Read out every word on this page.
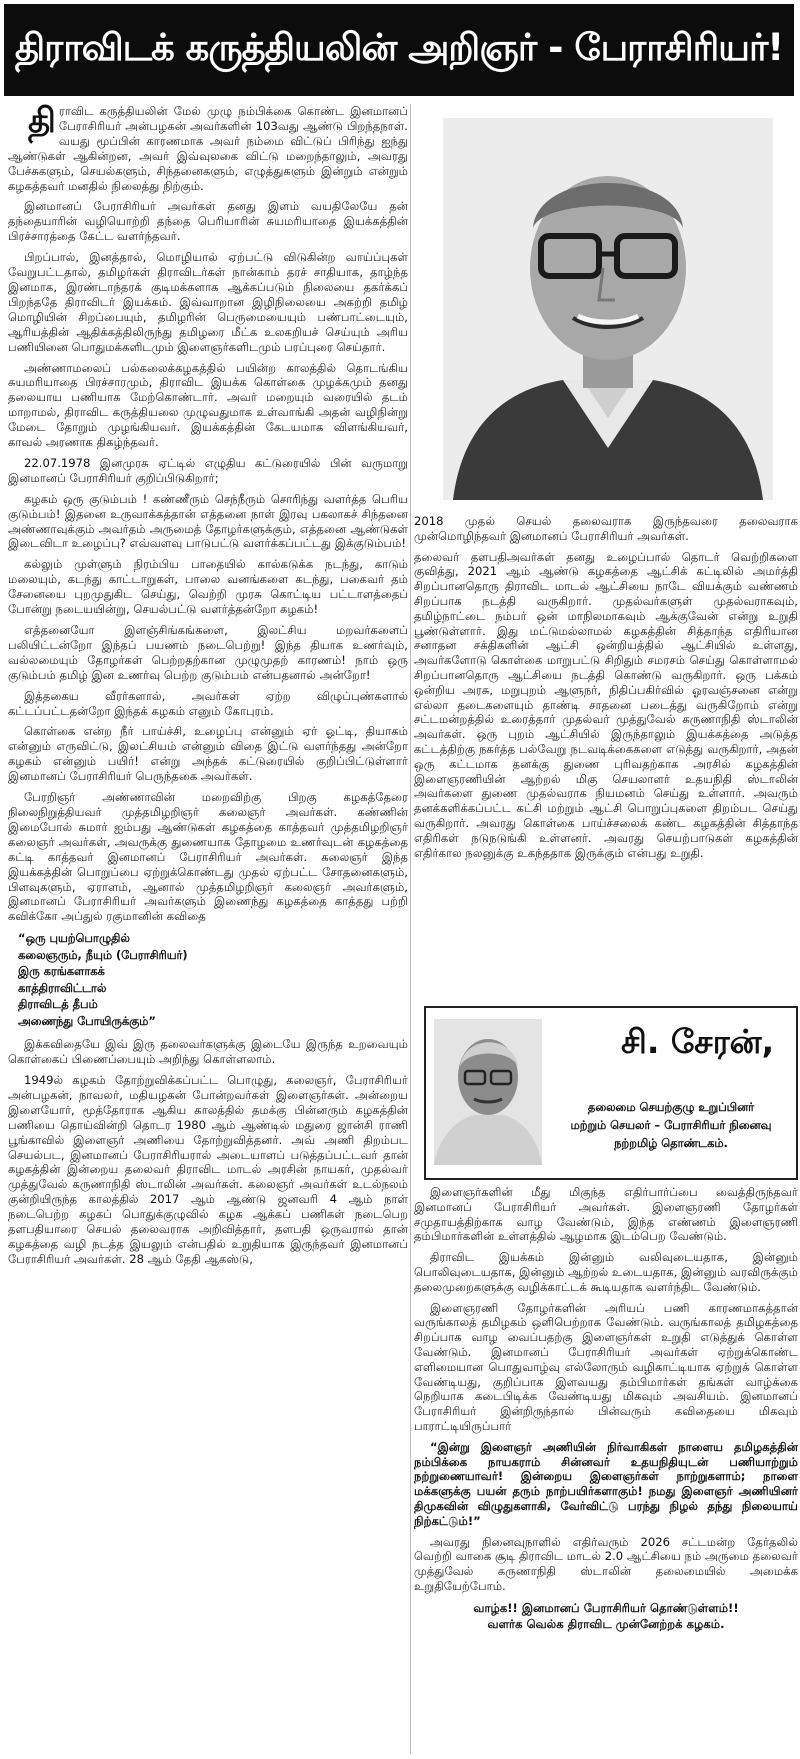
திராவிடக் கருத்தியலின் அறிஞர் - பேராசிரியர்!

திராவிட கருத்தியலின் மேல் முழு நம்பிக்கை கொண்ட இனமானப் பேராசிரியர் அன்பழகன் அவர்களின் 103வது ஆண்டு பிறந்தநாள். வயது மூப்பின் காரணமாக அவர் நம்மை விட்டுப் பிரிந்து ஐந்து ஆண்டுகள் ஆகின்றன, அவர் இவ்வுலகை விட்டு மறைந்தாலும், அவரது பேச்சுகளும், செயல்களும், சிந்தனைகளும், எழுத்துகளும் இன்றும் என்றும் கழகத்தவர் மனதில் நிலைத்து நிற்கும்.

இனமானப் பேராசிரியர் அவர்கள் தனது இளம் வயதிலேயே தன் தந்தையாரின் வழியொற்றி தந்தை பெரியாரின் சுயமரியாதை இயக்கத்தின் பிரச்சாரத்தை கேட்ட வளர்ந்தவர்.

பிறப்பால், இனத்தால், மொழியால் ஏற்பட்டு விடுகின்ற வாய்ப்புகள் வேறுபட்டதால், தமிழர்கள் திராவிடர்கள் நான்காம் தரச் சாதியாக, தாழ்ந்த இனமாக, இரண்டாந்தரக் குடிமக்களாக ஆக்கப்படும் நிலையை தகர்க்கப் பிறந்ததே திராவிடர் இயக்கம். இவ்வாறான இழிநிலையை அகற்றி தமிழ் மொழியின் சிறப்பையும், தமிழரின் பெருமையையும் பண்பாட்டையும், ஆரியத்தின் ஆதிக்கத்திலிருந்து தமிழரை மீட்க உலகறியச் செய்யும் அரிய பணியினை பொதுமக்களிடமும் இளைஞர்களிடமும் பரப்புரை செய்தார்.

அண்ணாமலைப் பல்கலைக்கழகத்தில் பயின்ற காலத்தில் தொடங்கிய சுயமரியாதை பிரச்சாரமும், திராவிட இயக்க கொள்கை முழக்கமும் தனது தலையாய பணியாக மேற்கொண்டார். அவர் மறையும் வரையில் தடம் மாறாமல், திராவிட கருத்தியலை முழுவதுமாக உள்வாங்கி அதன் வழிநின்று மேடை தோறும் முழங்கியவர். இயக்கத்தின் கேடயமாக விளங்கியவர், காவல் அரணாக திகழ்ந்தவர்.

22.07.1978 இனமுரசு ஏட்டில் எழுதிய கட்டுரையில் பின் வருமாறு இனமானப் பேராசிரியர் குறிப்பிடுகிறார்;

கழகம் ஒரு குடும்பம் ! கண்ணீரும் செந்நீரும் சொரிந்து வளர்த்த பெரிய குடும்பம்! இதனை உருவாக்கத்தான் எத்தனை நாள் இரவு பகலாகச் சிந்தனை அண்ணாவுக்கும் அவர்தம் அருமைத் தோழர்களுக்கும், எத்தனை ஆண்டுகள் இடைவிடா உழைப்பு? எவ்வளவு பாடுபட்டு வளர்க்கப்பட்டது இக்குடும்பம்!

கல்லும் முள்ளும் நிரம்பிய பாதையில் கால்கடுக்க நடந்து, காடும் மலையும், கடந்து காட்டாறுகள், பாலை வனங்களை கடந்து, பகைவர் தம் சேனையை புறமுதுகிட செய்து, வெற்றி முரசு கொட்டிய பட்டாளத்தைப் போன்று நடையயின்று, செயல்பட்டு வளர்த்தன்றோ கழகம்!

எத்தனையோ இளஞ்சிங்கங்களை, இலட்சிய மறவர்களைப் பலியிட்டன்றோ இந்தப் பயணம் நடைபெற்று! இந்த தியாக உணர்வும், வல்லமையும் தோழர்கள் பெற்றதற்கான முழுமுதற் காரணம்! நாம் ஒரு குடும்பம் தமிழ் இன உணர்வு பெற்ற குடும்பம் என்பதனால் அன்றோ!

இத்தகைய வீரர்களால், அவர்கள் ஏற்ற விழுப்புண்களால் கட்டப்பட்டதன்றோ இந்தக் கழகம் எனும் கோபுரம்.

கொள்கை என்ற நீர் பாய்ச்சி, உழைப்பு என்னும் ஏர் ஓட்டி, தியாகம் என்னும் எருவிட்டு, இலட்சியம் என்னும் விதை இட்டு வளர்ந்தது அன்றோ கழகம் என்னும் பயிர்! என்று அந்தக் கட்டுரையில் குறிப்பிட்டுள்ளார் இனமானப் பேராசிரியர் பெருந்தகை அவர்கள்.

பேரறிஞர் அண்ணாவின் மறைவிற்கு பிறகு கழகத்தேரை நிலைநிறுத்தியவர் முத்தமிழறிஞர் கலைஞர் அவர்கள். கண்ணின் இமைபோல் சுமார் ஐம்பது ஆண்டுகள் கழகத்தை காத்தவர் முத்தமிழறிஞர் கலைஞர் அவர்கள், அவருக்கு துணையாக தோழமை உணர்வுடன் கழகத்தை கட்டி காத்தவர் இனமானப் பேராசிரியர் அவர்கள். கலைஞர் இந்த இயக்கத்தின் பொறுப்பை ஏற்றுக்கொண்டது முதல் ஏற்பட்ட சோதனைகளும், பிளவுகளும், ஏராளம், ஆனால் முத்தமிழறிஞர் கலைஞர் அவர்களும், இனமானப் பேராசிரியர் அவர்களும் இணைந்து கழகத்தை காத்தது பற்றி கவிக்கோ அப்துல் ரகுமானின் கவிதை

“ஒரு புயற்பொழுதில்
கலைஞரும், நீயும் (பேராசிரியர்)
இரு கரங்களாகக்
காத்திராவிட்டால்
திராவிடத் தீபம்
அணைந்து போயிருக்கும்”

இக்கவிதையே இவ் இரு தலைவர்களுக்கு இடையே இருந்த உறவையும் கொள்கைப் பிணைப்பையும் அறிந்து கொள்ளலாம்.

1949ல் கழகம் தோற்றுவிக்கப்பட்ட பொழுது, கலைஞர், பேராசிரியர் அன்பழகன், நாவலர், மதியழகன் போன்றவர்கள் இளைஞர்கள். அன்றைய இளையோர், மூத்தோராக ஆகிய காலத்தில் தமக்கு பின்னரும் கழகத்தின் பணியை தொய்வின்றி தொடர 1980 ஆம் ஆண்டில் மதுரை ஜான்சி ராணி பூங்காவில் இளைஞர் அணியை தோற்றுவித்தனர். அவ் அணி திறம்பட செயல்பட, இனமானப் பேராசிரியரால் அடையாளப் படுத்தப்பட்டவர் தான் கழகத்தின் இன்றைய தலைவர் திராவிட மாடல் அரசின் நாயகர், முதல்வர் முத்துவேல் கருணாநிதி ஸ்டாலின் அவர்கள். கலைஞர் அவர்கள் உடல்நலம் குன்றியிருந்த காலத்தில் 2017 ஆம் ஆண்டு ஜனவரி 4 ஆம் நாள் நடைபெற்ற கழகப் பொதுக்குழுவில் கழக ஆக்கப் பணிகள் நடைபெற தளபதியாரை செயல் தலைவராக அறிவித்தார், தளபதி ஒருவரால் தான் கழகத்தை வழி நடத்த இயலும் என்பதில் உறுதியாக இருந்தவர் இனமானப் பேராசிரியர் அவர்கள். 28 ஆம் தேதி ஆகஸ்டு,

2018 முதல் செயல் தலைவராக இருந்தவரை தலைவராக முன்மொழிந்தவர் இனமானப் பேராசிரியர் அவர்கள்.

தலைவர் தளபதிஅவர்கள் தனது உழைப்பால் தொடர் வெற்றிகளை குவித்து, 2021 ஆம் ஆண்டு கழகத்தை ஆட்சிக் கட்டிலில் அமர்த்தி சிறப்பானதொரு திராவிட மாடல் ஆட்சியை நாடே வியக்கும் வண்ணம் சிறப்பாக நடத்தி வருகிறார். முதல்வர்களுள் முதல்வராகவும், தமிழ்நாட்டை நம்பர் ஒன் மாநிலமாகவும் ஆக்குவேன் என்று உறுதி பூண்டுள்ளார். இது மட்டுமல்லாமல் கழகத்தின் சித்தாந்த எதிரியான சனாதன சக்திகளின் ஆட்சி ஒன்றியத்தில் ஆட்சியில் உள்ளது, அவர்களோடு கொள்கை மாறுபட்டு சிறிதும் சமரசம் செய்து கொள்ளாமல் சிறப்பானதொரு ஆட்சியை நடத்தி கொண்டு வருகிறார். ஒரு பக்கம் ஒன்றிய அரசு, மறுபுறம் ஆளுநர், நிதிப்பகிர்வில் ஓரவஞ்சனை என்று எல்லா தடைகளையும் தாண்டி சாதனை படைத்து வருகிறோம் என்று சட்டமன்றத்தில் உரைத்தார் முதல்வர் முத்துவேல் கருணாநிதி ஸ்டாலின் அவர்கள். ஒரு புறம் ஆட்சியில் இருந்தாலும் இயக்கத்தை அடுத்த கட்டத்திற்கு நகர்த்த பல்வேறு நடவடிக்கைகளை எடுத்து வருகிறார், அதன் ஒரு கட்டமாக தனக்கு துணை புரிவதற்காக அரசில் கழகத்தின் இளைஞரணியின் ஆற்றல் மிகு செயலாளர் உதயநிதி ஸ்டாலின் அவர்களை துணை முதல்வராக நியமனம் செய்து உள்ளார். அவரும் தனக்களிக்கப்பட்ட கட்சி மற்றும் ஆட்சி பொறுப்புகளை திறம்பட செய்து வருகிறார். அவரது கொள்கை பாய்ச்சலைக் கண்ட கழகத்தின் சித்தாந்த எதிரிகள் நடுநடுங்கி உள்ளனர். அவரது செயற்பாடுகள் கழகத்தின் எதிர்கால நலனுக்கு உகந்ததாக இருக்கும் என்பது உறுதி.

சி. சேரன்,
தலைமை செயற்குழு உறுப்பினர்
மற்றும் செயலர் – பேராசிரியர் நினைவு
நற்றமிழ் தொண்டகம்.

இளைஞர்களின் மீது மிகுந்த எதிர்பார்ப்பை வைத்திருந்தவர் இனமானப் பேராசிரியர் அவர்கள். இளைஞரணி தோழர்கள் சமுதாயத்திற்காக வாழ வேண்டும், இந்த எண்ணம் இளைஞரணி தம்பிமார்களின் உள்ளத்தில் ஆழமாக இடம்பெற வேண்டும்.

திராவிட இயக்கம் இன்னும் வலிவுடையதாக, இன்னும் பொலிவுடையதாக, இன்னும் ஆற்றல் உடையதாக, இன்னும் வரவிருக்கும் தலைமுறைகளுக்கு வழிக்காட்டக் கூடியதாக வளர்ந்திட வேண்டும்.

இளைஞரணி தோழர்களின் அரியப் பணி காரணமாகத்தான் வருங்காலத் தமிழகம் ஒளிபெற்றாக வேண்டும். வருங்காலத் தமிழகத்தை சிறப்பாக வாழ வைப்பதற்கு இளைஞர்கள் உறுதி எடுத்துக் கொள்ள வேண்டும். இனமானப் பேராசிரியர் அவர்கள் ஏற்றுக்கொண்ட எளிமையான பொதுவாழ்வு எல்லோரும் வழிகாட்டியாக ஏற்றுக் கொள்ள வேண்டியது, குறிப்பாக இளவயது தம்பிமார்கள் தங்கள் வாழ்க்கை நெறியாக கடைபிடிக்க வேண்டியது மிகவும் அவசியம். இனமானப் பேராசிரியர் இன்றிருந்தால் பின்வரும் கவிதையை மிகவும் பாராட்டியிருப்பார்

“இன்று இளைஞர் அணியின் நிர்வாகிகள் நாளைய தமிழகத்தின் நம்பிக்கை நாயகராம் சின்னவர் உதயநிதியுடன் பணியாற்றும் நற்றுணையாவர்! இன்றைய இளைஞர்கள் நாற்றுகளாம்; நாளை மக்களுக்கு பயன் தரும் நாற்பயிர்களாகும்! நமது இளைஞர் அணியினர் திமுகவின் விழுதுகளாகி, வேர்விட்டு பரந்து நிழல் தந்து நிலையாய் நிற்கட்டும்!”

அவரது நினைவுநாளில் எதிர்வரும் 2026 சட்டமன்ற தேர்தலில் வெற்றி வாகை சூடி திராவிட மாடல் 2.0 ஆட்சியை நம் அருமை தலைவர் முத்துவேல் கருணாநிதி ஸ்டாலின் தலைமையில் அமைக்க உறுதியேற்போம்.

வாழ்க!! இனமானப் பேராசிரியர் தொண்டுள்ளம்!!
வளர்க வெல்க திராவிட முன்னேற்றக் கழகம்.
